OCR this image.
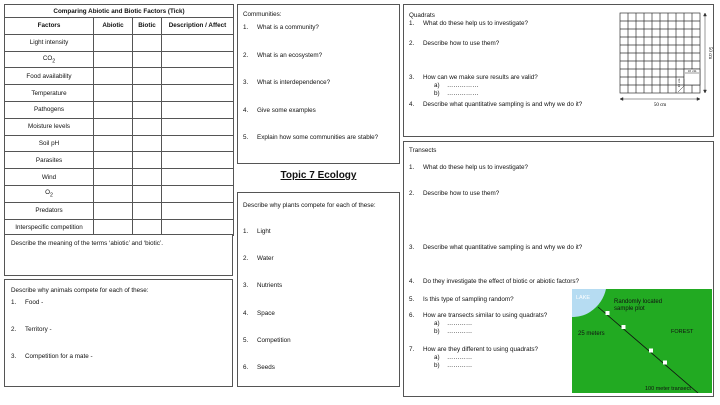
Comparing Abiotic and Biotic Factors (Tick)			
Factors	Abiotic	Biotic	Description / Affect
Light intensity			
$CO_2$			
Food availability			
Temperature			
Pathogens			
Moisture levels			
Soil pH			
Parasites			
Wind			
$O_2$			
Predators			
Interspecific competition			
Describe the meaning of the terms ‘abiotic’ and ‘biotic’.
Describe why animals compete for each of these:
1.	Food -
2.	Territory -
3.	Competition for a mate -
Communities:
1.	What is a community?
2.	What is an ecosystem?
3.	What is interdependence?
4.	Give some examples
5.	Explain how some communities are stable?
Topic 7 Ecology
Describe why plants compete for each of these:
1.	Light
2.	Water
3.	Nutrients
4.	Space
5.	Competition
6.	Seeds
Quadrats
1.	What do these help us to investigate?
2.	Describe how to use them?
3.	How can we make sure results are valid?
a)	……………
b)	……………
4.	Describe what quantitative sampling is and why we do it?
50 cm
50 cm
10 cm
10 cm
Transects
1.	What do these help us to investigate?
2.	Describe how to use them?
3.	Describe what quantitative sampling is and why we do it?
4.	Do they investigate the effect of biotic or abiotic factors?
5.	Is this type of sampling random?
6.	How are transects similar to using quadrats?
a)	…………
b)	…………
7.	How are they different to using quadrats?
a)	…………
b)	…………
LAKE
Randomly located
sample plot
FOREST
25 meters
100 meter transect
